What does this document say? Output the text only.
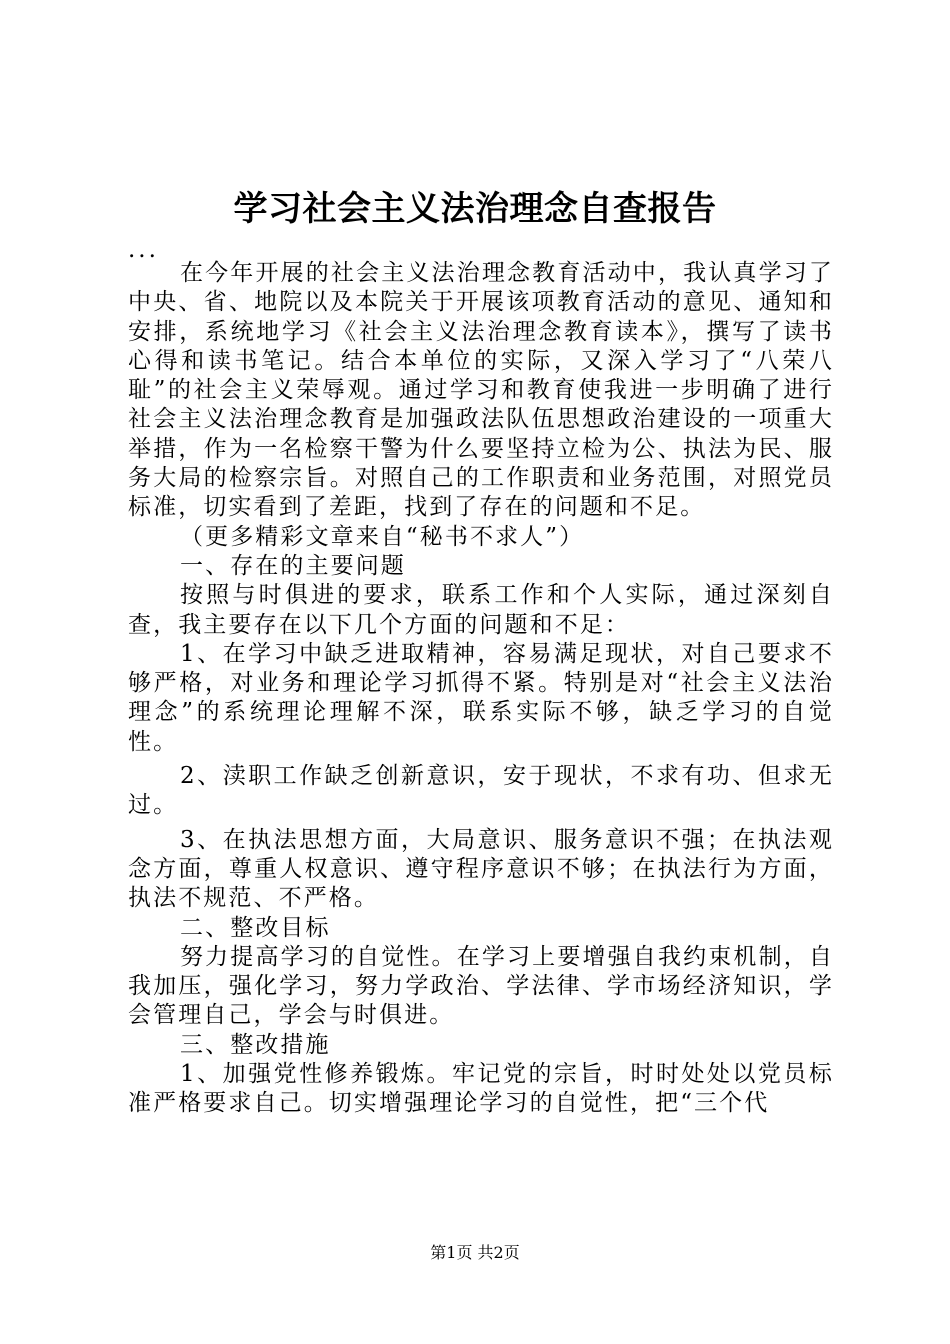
学习社会主义法治理念自查报告

...

在今年开展的社会主义法治理念教育活动中，我认真学习了中央、省、地院以及本院关于开展该项教育活动的意见、通知和安排，系统地学习《社会主义法治理念教育读本》，撰写了读书心得和读书笔记。结合本单位的实际，又深入学习了“八荣八耻”的社会主义荣辱观。通过学习和教育使我进一步明确了进行社会主义法治理念教育是加强政法队伍思想政治建设的一项重大举措，作为一名检察干警为什么要坚持立检为公、执法为民、服务大局的检察宗旨。对照自己的工作职责和业务范围，对照党员标准，切实看到了差距，找到了存在的问题和不足。

（更多精彩文章来自“秘书不求人”）

一、存在的主要问题

按照与时俱进的要求，联系工作和个人实际，通过深刻自查，我主要存在以下几个方面的问题和不足：

1、在学习中缺乏进取精神，容易满足现状，对自己要求不够严格，对业务和理论学习抓得不紧。特别是对“社会主义法治理念”的系统理论理解不深，联系实际不够，缺乏学习的自觉性。

2、渎职工作缺乏创新意识，安于现状，不求有功、但求无过。

3、在执法思想方面，大局意识、服务意识不强；在执法观念方面，尊重人权意识、遵守程序意识不够；在执法行为方面，执法不规范、不严格。

二、整改目标

努力提高学习的自觉性。在学习上要增强自我约束机制，自我加压，强化学习，努力学政治、学法律、学市场经济知识，学会管理自己，学会与时俱进。

三、整改措施

1、加强党性修养锻炼。牢记党的宗旨，时时处处以党员标准严格要求自己。切实增强理论学习的自觉性，把“三个代

第1页 共2页
